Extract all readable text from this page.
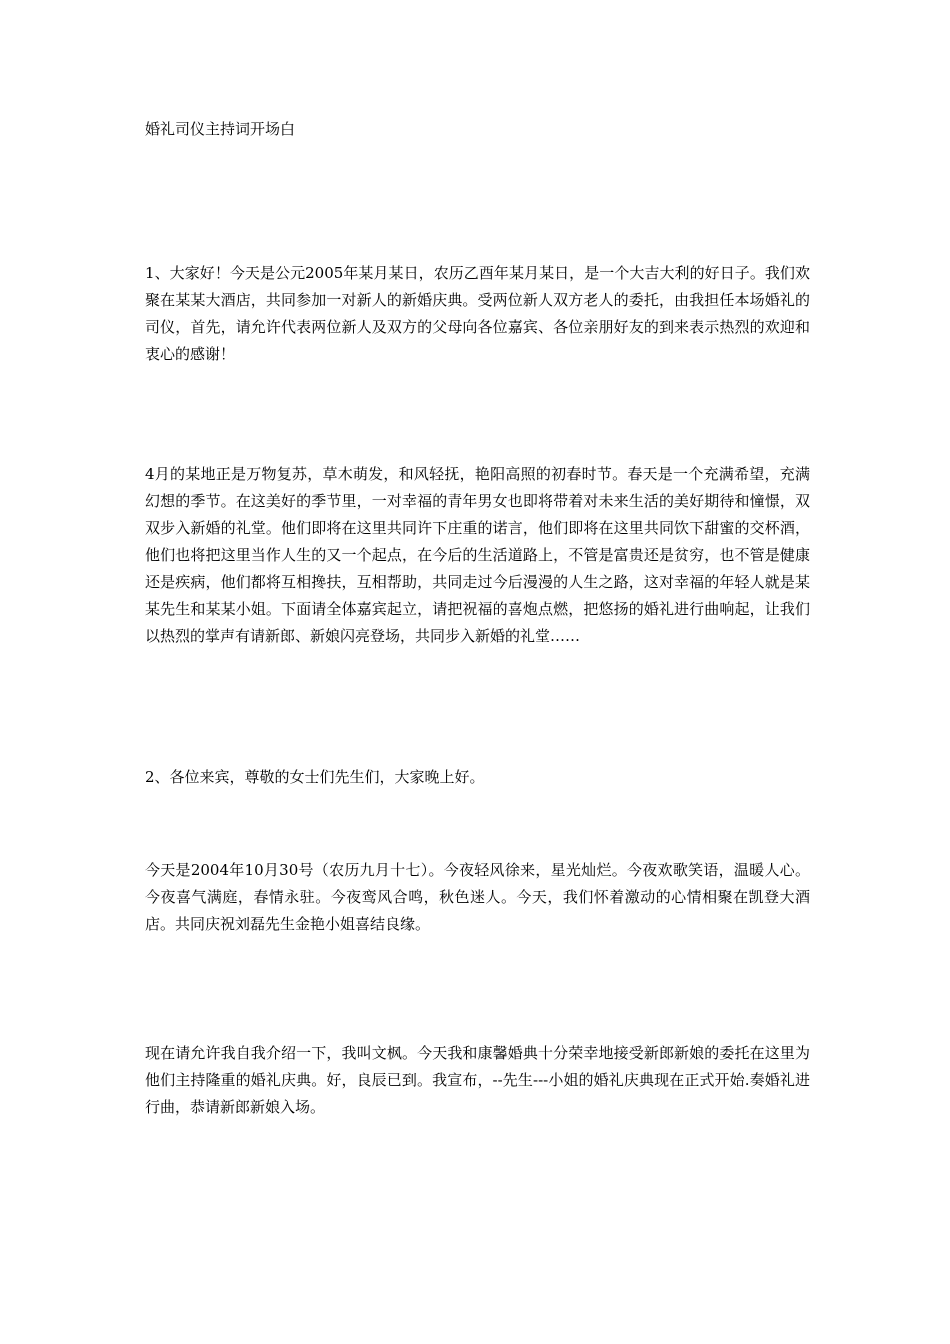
婚礼司仪主持词开场白

1、大家好！今天是公元2005年某月某日，农历乙酉年某月某日，是一个大吉大利的好日子。我们欢聚在某某大酒店，共同参加一对新人的新婚庆典。受两位新人双方老人的委托，由我担任本场婚礼的司仪，首先，请允许代表两位新人及双方的父母向各位嘉宾、各位亲朋好友的到来表示热烈的欢迎和衷心的感谢！

4月的某地正是万物复苏，草木萌发，和风轻抚，艳阳高照的初春时节。春天是一个充满希望，充满幻想的季节。在这美好的季节里，一对幸福的青年男女也即将带着对未来生活的美好期待和憧憬，双双步入新婚的礼堂。他们即将在这里共同许下庄重的诺言，他们即将在这里共同饮下甜蜜的交杯酒，他们也将把这里当作人生的又一个起点，在今后的生活道路上，不管是富贵还是贫穷，也不管是健康还是疾病，他们都将互相搀扶，互相帮助，共同走过今后漫漫的人生之路，这对幸福的年轻人就是某某先生和某某小姐。下面请全体嘉宾起立，请把祝福的喜炮点燃，把悠扬的婚礼进行曲响起，让我们以热烈的掌声有请新郎、新娘闪亮登场，共同步入新婚的礼堂……

2、各位来宾，尊敬的女士们先生们，大家晚上好。

今天是2004年10月30号（农历九月十七）。今夜轻风徐来，星光灿烂。今夜欢歌笑语，温暖人心。今夜喜气满庭，春情永驻。今夜鸾风合鸣，秋色迷人。今天，我们怀着激动的心情相聚在凯登大酒店。共同庆祝刘磊先生金艳小姐喜结良缘。

现在请允许我自我介绍一下，我叫文枫。今天我和康馨婚典十分荣幸地接受新郎新娘的委托在这里为他们主持隆重的婚礼庆典。好，良辰已到。我宣布，--先生---小姐的婚礼庆典现在正式开始.奏婚礼进行曲，恭请新郎新娘入场。
